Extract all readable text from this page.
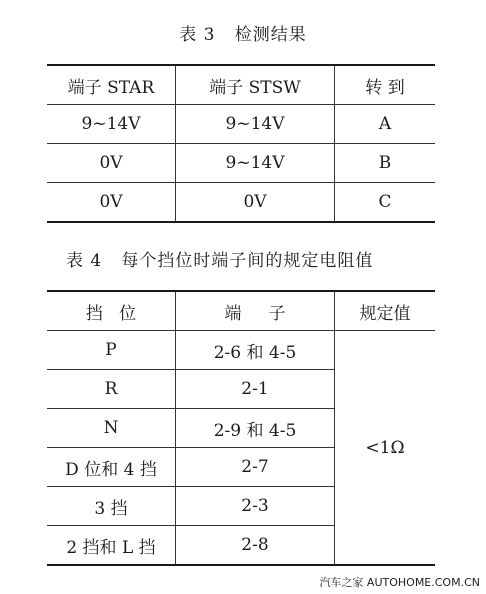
表 3   检测结果
端子 STAR	端子 STSW	转 到
9~14V	9~14V	A
0V	9~14V	B
0V	0V	C
表 4   每个挡位时端子间的规定电阻值
挡   位	端     子	规定值
P	2-6 和 4-5	<1Ω
R	2-1	
N	2-9 和 4-5	
D 位和 4 挡	2-7	
3 挡	2-3	
2 挡和 L 挡	2-8	
汽车之家 AUTOHOME.COM.CN
